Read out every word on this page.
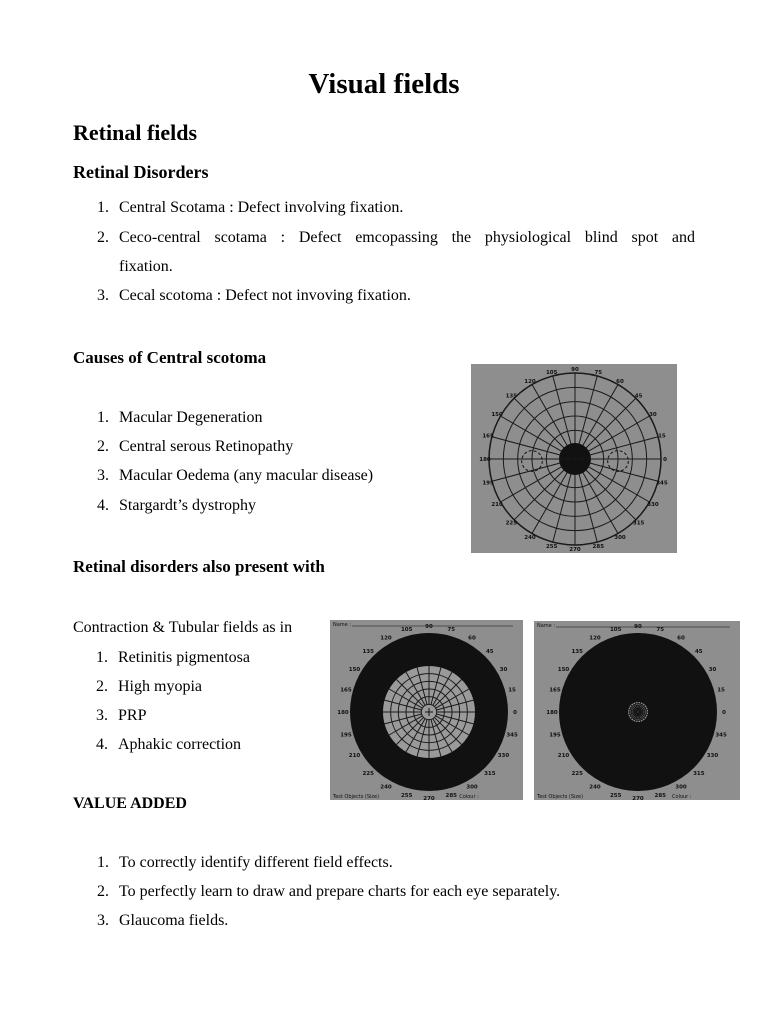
Visual fields
Retinal fields
Retinal Disorders
1. Central Scotama : Defect involving fixation.
2. Ceco-central scotama : Defect emcopassing the physiological blind spot and
fixation.
3. Cecal scotoma : Defect not invoving fixation.
Causes of Central scotoma
1. Macular Degeneration
2. Central serous Retinopathy
3. Macular Oedema (any macular disease)
4. Stargardt’s dystrophy
Retinal disorders also present with
Contraction & Tubular fields as in
1. Retinitis pigmentosa
2. High myopia
3. PRP
4. Aphakic correction
VALUE ADDED
1. To correctly identify different field effects.
2. To perfectly learn to draw and prepare charts for each eye separately.
3. Glaucoma fields.
90
75
60
45
30
15
0
345
330
315
300
285
270
255
240
225
210
195
180
165
150
135
120
105
90	75
60
45
30
15
0
345
330
315
300
285
270
255
240
225
210
195
180
165
150
135
120
105
Name :
Test Objects (Size)	Colour :
90	75
60
45
30
15
0
345
330
315
300
285
270
255
240
225
210
195
180
165
150
135
120
105
Name :
Test Objects (Size)	Colour :
